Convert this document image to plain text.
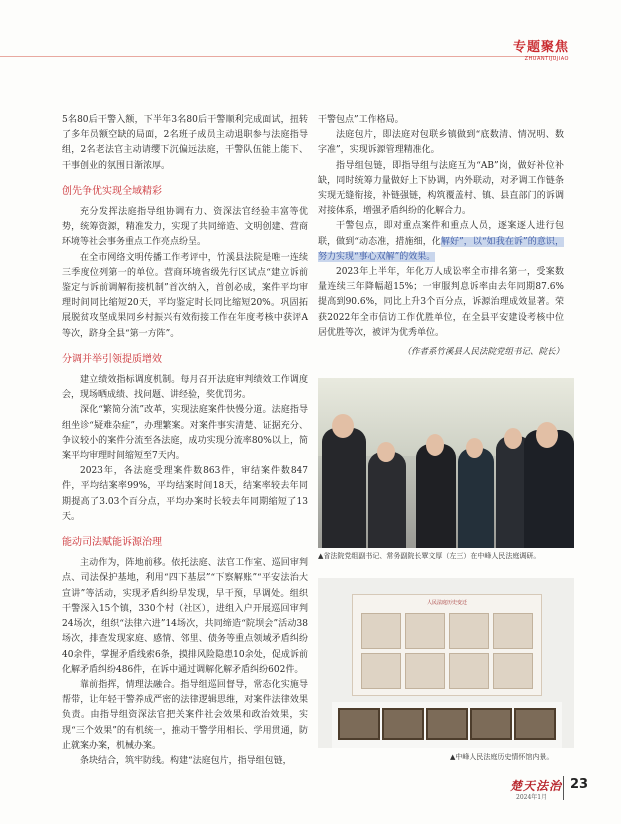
专题聚焦
ZHUANTIJUJIAO

5名80后干警入额，下半年3名80后干警顺利完成面试，扭转了多年员额空缺的局面，2名班子成员主动退职参与法庭指导组，2名老法官主动请缨下沉偏远法庭，干警队伍能上能下、干事创业的氛围日渐浓厚。

创先争优实现全域精彩

充分发挥法庭指导组协调有力、资深法官经验丰富等优势，统筹资源，精准发力，实现了共同缔造、文明创建、营商环境等社会事务重点工作亮点纷呈。

在全市网络文明传播工作考评中，竹溪县法院是唯一连续三季度位列第一的单位。营商环境省级先行区试点“建立诉前鉴定与诉前调解衔接机制”首次纳入，首创必成，案件平均审理时间同比缩短20天，平均鉴定时长同比缩短20%。巩固拓展脱贫攻坚成果同乡村振兴有效衔接工作在年度考核中获评A等次，跻身全县“第一方阵”。

分调并举引领提质增效

建立绩效指标调度机制。每月召开法庭审判绩效工作调度会，现场晒成绩、找问题、讲经验，奖优罚劣。

深化“繁简分流”改革，实现法庭案件快慢分道。法庭指导组坐诊“疑难杂症”，办理繁案。对案件事实清楚、证据充分、争议较小的案件分流至各法庭，成功实现分流率80%以上，简案平均审理时间缩短至7天内。

2023年，各法庭受理案件数863件，审结案件数847件，平均结案率99%，平均结案时间18天，结案率较去年同期提高了3.03个百分点，平均办案时长较去年同期缩短了13天。

能动司法赋能诉源治理

主动作为，阵地前移。依托法庭、法官工作室、巡回审判点、司法保护基地，利用“四下基层”“下察解账”“平安法治大宣讲”等活动，实现矛盾纠纷早发现，早干预，早调处。组织干警深入15个镇，330个村（社区），进组入户开展巡回审判24场次，组织“法律六进”14场次，共同缔造“院坝会”活动38场次，排查发现家庭、感情、邻里、债务等重点领域矛盾纠纷40余件，掌握矛盾线索6条，摸排风险隐患10余处，促成诉前化解矛盾纠纷486件，在诉中通过调解化解矛盾纠纷602件。

靠前指挥，情理法融合。指导组巡回督导，常态化实施导帮带，让年轻干警养成严密的法律逻辑思维，对案件法律效果负责。由指导组资深法官把关案件社会效果和政治效果，实现“三个效果”的有机统一，推动干警学用相长、学用贯通，防止就案办案，机械办案。

条块结合，筑牢防线。构建“法庭包片，指导组包链，

干警包点”工作格局。

法庭包片，即法庭对包联乡镇做到“底数清、情况明、数字准”，实现诉源管理精准化。

指导组包链，即指导组与法庭互为“AB”岗，做好补位补缺，同时统筹力量做好上下协调，内外联动，对矛调工作链条实现无缝衔接，补链强链，构筑覆盖村、镇、县直部门的诉调对接体系，增强矛盾纠纷的化解合力。

干警包点，即对重点案件和重点人员，逐案逐人进行包联，做到“动态准，措施细，化解好”，以“如我在诉”的意识，努力实现“事心双解”的效果。

2023年上半年，年化万人成讼率全市排名第一，受案数量连续三年降幅超15%；一审服判息诉率由去年同期87.6%提高到90.6%，同比上升3个百分点，诉源治理成效显著。荣获2022年全市信访工作优胜单位，在全县平安建设考核中位居优胜等次，被评为优秀单位。

（作者系竹溪县人民法院党组书记、院长）
▲省法院党组副书记、常务副院长覃文厚（左三）在中峰人民法庭调研。
人民法庭历史变迁
▲中峰人民法庭历史情怀馆内景。
楚天法治
2024年1月
23
